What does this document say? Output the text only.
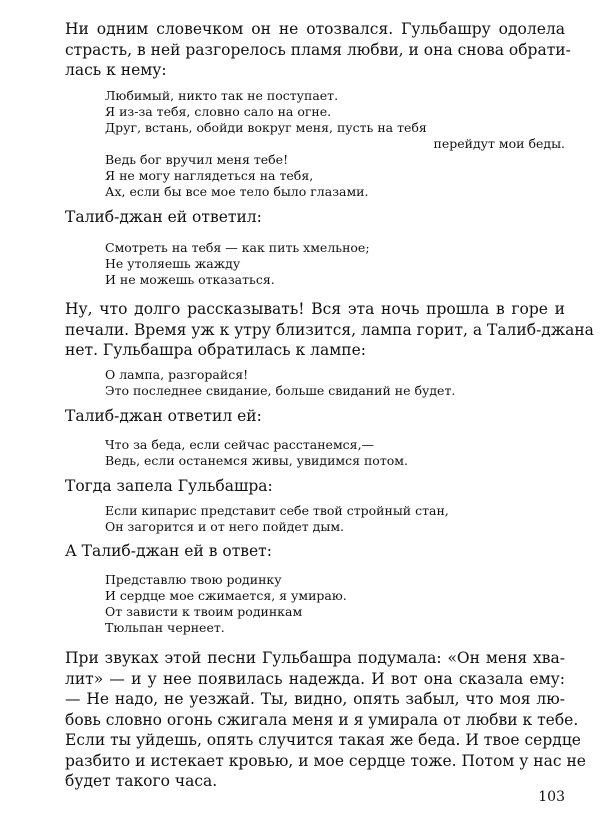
Ни одним словечком он не отозвался. Гульбашру одолела
страсть, в ней разгорелось пламя любви, и она снова обрати-
лась к нему:
Любимый, никто так не поступает.
Я из-за тебя, словно сало на огне.
Друг, встань, обойди вокруг меня, пусть на тебя
перейдут мои беды.
Ведь бог вручил меня тебе!
Я не могу наглядеться на тебя,
Ах, если бы все мое тело было глазами.
Талиб-джан ей ответил:
Смотреть на тебя — как пить хмельное;
Не утоляешь жажду
И не можешь отказаться.
Ну, что долго рассказывать! Вся эта ночь прошла в горе и
печали. Время уж к утру близится, лампа горит, а Талиб-джана
нет. Гульбашра обратилась к лампе:
О лампа, разгорайся!
Это последнее свидание, больше свиданий не будет.
Талиб-джан ответил ей:
Что за беда, если сейчас расстанемся,—
Ведь, если останемся живы, увидимся потом.
Тогда запела Гульбашра:
Если кипарис представит себе твой стройный стан,
Он загорится и от него пойдет дым.
А Талиб-джан ей в ответ:
Представлю твою родинку
И сердце мое сжимается, я умираю.
От зависти к твоим родинкам
Тюльпан чернеет.
При звуках этой песни Гульбашра подумала: «Он меня хва-
лит» — и у нее появилась надежда. И вот она сказала ему:
— Не надо, не уезжай. Ты, видно, опять забыл, что моя лю-
бовь словно огонь сжигала меня и я умирала от любви к тебе.
Если ты уйдешь, опять случится такая же беда. И твое сердце
разбито и истекает кровью, и мое сердце тоже. Потом у нас не
будет такого часа.
103
